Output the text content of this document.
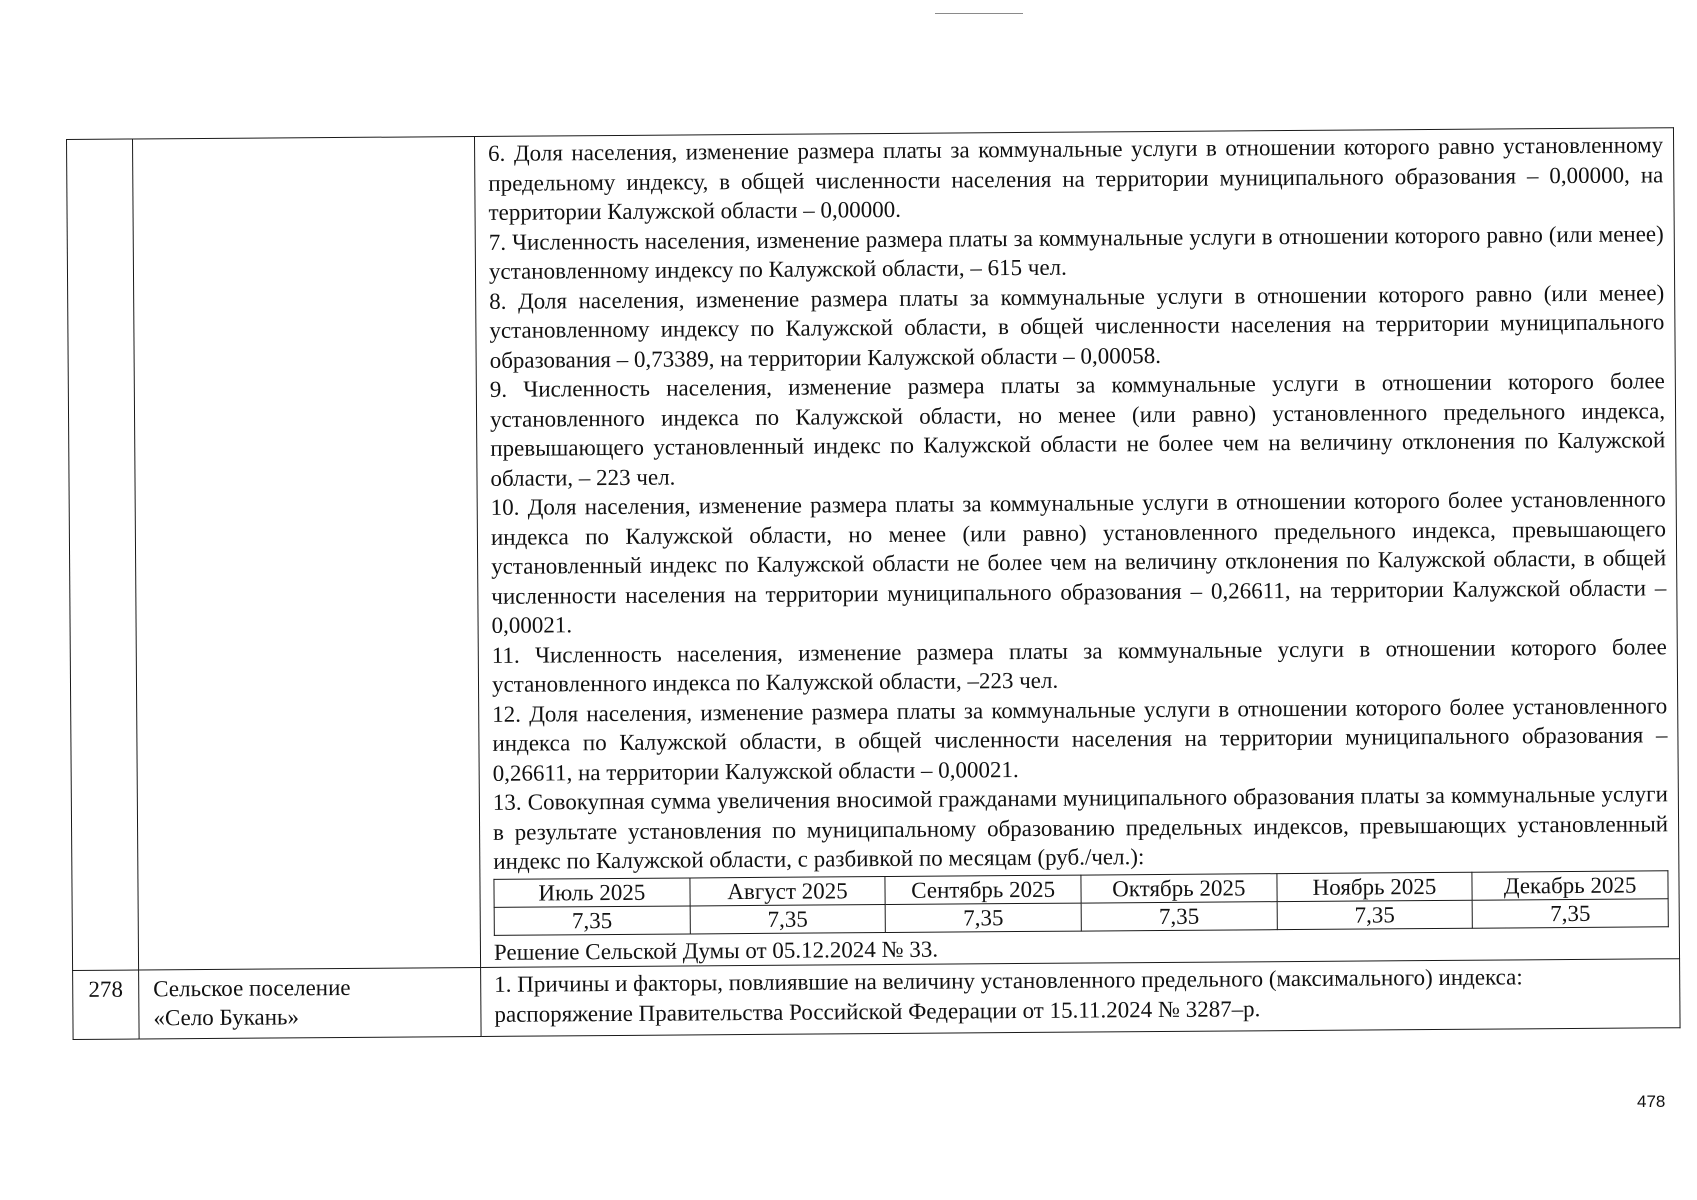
6. Доля населения, изменение размера платы за коммунальные услуги в отношении которого равно установленному предельному индексу, в общей численности населения на территории муниципального образования – 0,00000, на территории Калужской области – 0,00000.

7. Численность населения, изменение размера платы за коммунальные услуги в отношении которого равно (или менее) установленному индексу по Калужской области, – 615 чел.

8. Доля населения, изменение размера платы за коммунальные услуги в отношении которого равно (или менее) установленному индексу по Калужской области, в общей численности населения на территории муниципального образования – 0,73389, на территории Калужской области – 0,00058.

9. Численность населения, изменение размера платы за коммунальные услуги в отношении которого более установленного индекса по Калужской области, но менее (или равно) установленного предельного индекса, превышающего установленный индекс по Калужской области не более чем на величину отклонения по Калужской области, – 223 чел.

10. Доля населения, изменение размера платы за коммунальные услуги в отношении которого более установленного индекса по Калужской области, но менее (или равно) установленного предельного индекса, превышающего установленный индекс по Калужской области не более чем на величину отклонения по Калужской области, в общей численности населения на территории муниципального образования – 0,26611, на территории Калужской области – 0,00021.

11. Численность населения, изменение размера платы за коммунальные услуги в отношении которого более установленного индекса по Калужской области, –223 чел.

12. Доля населения, изменение размера платы за коммунальные услуги в отношении которого более установленного индекса по Калужской области, в общей численности населения на территории муниципального образования – 0,26611, на территории Калужской области – 0,00021.

13. Совокупная сумма увеличения вносимой гражданами муниципального образования платы за коммунальные услуги в результате установления по муниципальному образованию предельных индексов, превышающих установленный индекс по Калужской области, с разбивкой по месяцам (руб./чел.):

Июль 2025	Август 2025	Сентябрь 2025	Октябрь 2025	Ноябрь 2025	Декабрь 2025
7,35	7,35	7,35	7,35	7,35	7,35

Решение Сельской Думы от 05.12.2024 № 33.

278	Сельское поселение
«Село Букань»

1. Причины и факторы, повлиявшие на величину установленного предельного (максимального) индекса:
распоряжение Правительства Российской Федерации от 15.11.2024 № 3287–р.
478
